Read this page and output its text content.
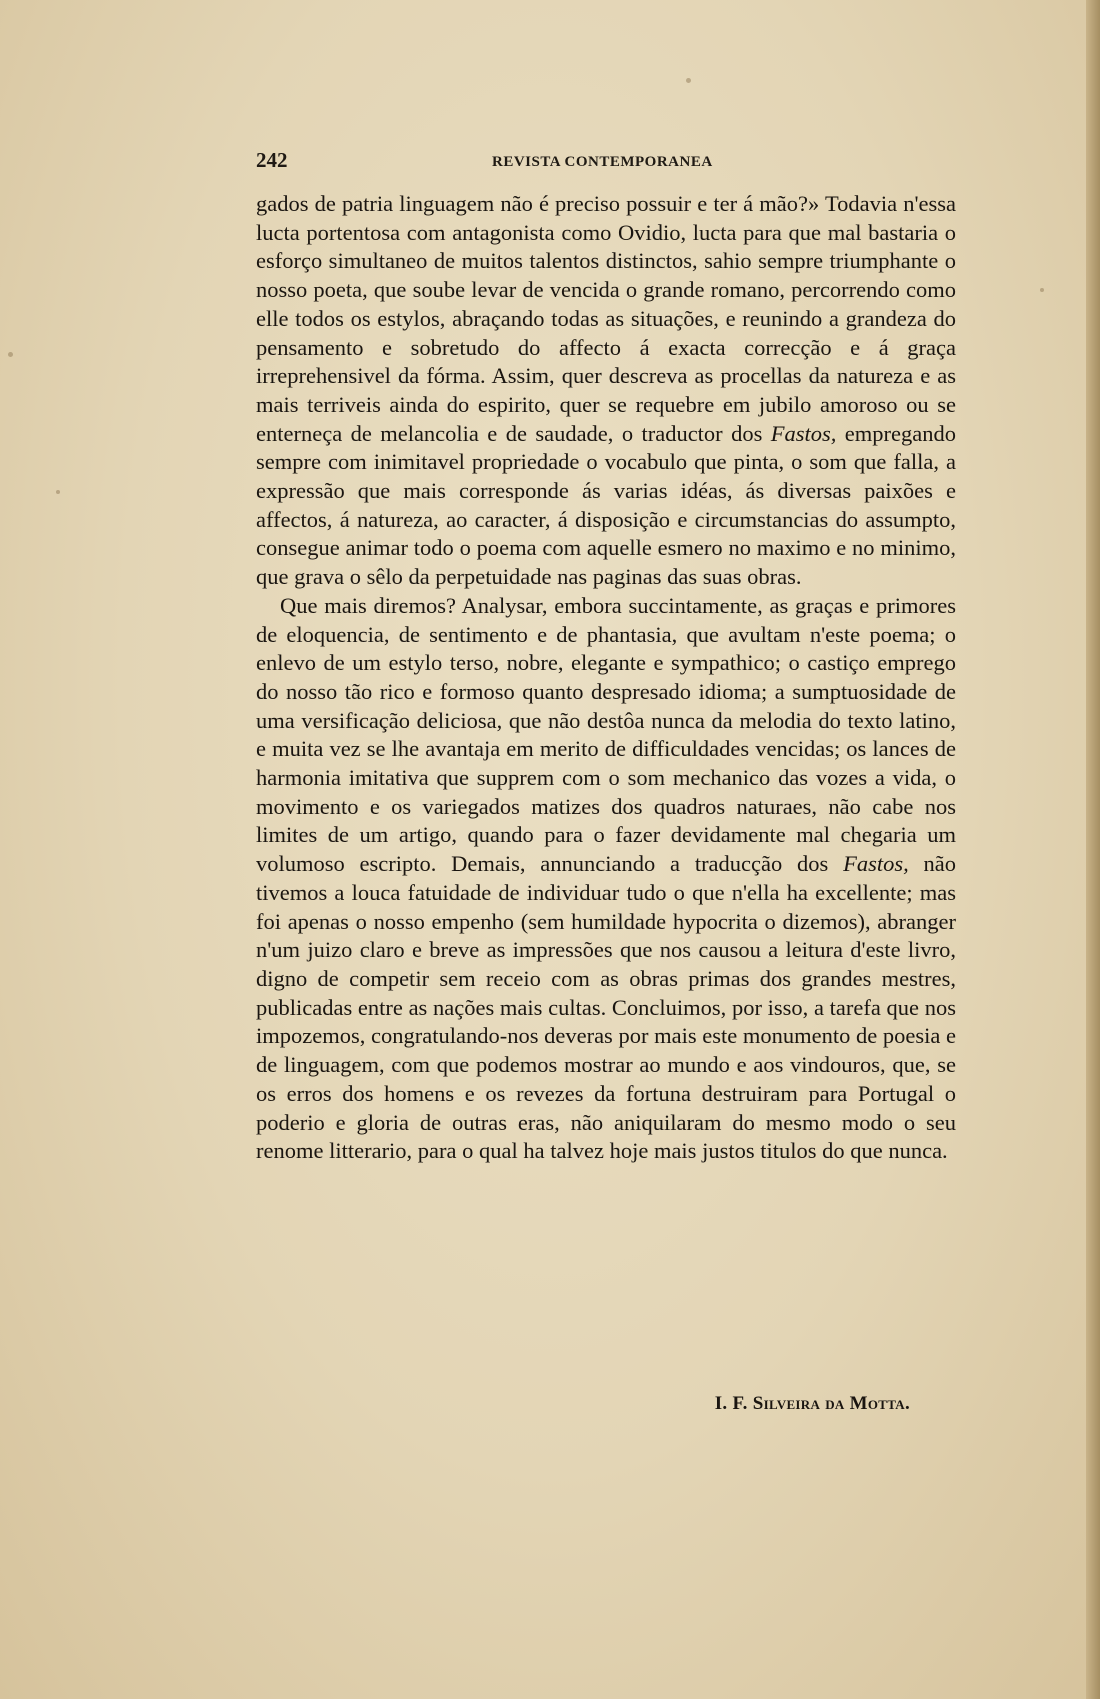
242	REVISTA CONTEMPORANEA

gados de patria linguagem não é preciso possuir e ter á mão?» Todavia n'essa lucta portentosa com antagonista como Ovidio, lucta para que mal bastaria o esforço simultaneo de muitos talentos distinctos, sahio sempre triumphante o nosso poeta, que soube levar de vencida o grande romano, percorrendo como elle todos os estylos, abraçando todas as situações, e reunindo a grandeza do pensamento e sobretudo do affecto á exacta correcção e á graça irreprehensivel da fórma. Assim, quer descreva as procellas da natureza e as mais terriveis ainda do espirito, quer se requebre em jubilo amoroso ou se enterneça de melancolia e de saudade, o traductor dos Fastos, empregando sempre com inimitavel propriedade o vocabulo que pinta, o som que falla, a expressão que mais corresponde ás varias idéas, ás diversas paixões e affectos, á natureza, ao caracter, á disposição e circumstancias do assumpto, consegue animar todo o poema com aquelle esmero no maximo e no minimo, que grava o sêlo da perpetuidade nas paginas das suas obras.

Que mais diremos? Analysar, embora succintamente, as graças e primores de eloquencia, de sentimento e de phantasia, que avultam n'este poema; o enlevo de um estylo terso, nobre, elegante e sympathico; o castiço emprego do nosso tão rico e formoso quanto despresado idioma; a sumptuosidade de uma versificação deliciosa, que não destôa nunca da melodia do texto latino, e muita vez se lhe avantaja em merito de difficuldades vencidas; os lances de harmonia imitativa que supprem com o som mechanico das vozes a vida, o movimento e os variegados matizes dos quadros naturaes, não cabe nos limites de um artigo, quando para o fazer devidamente mal chegaria um volumoso escripto. Demais, annunciando a traducção dos Fastos, não tivemos a louca fatuidade de individuar tudo o que n'ella ha excellente; mas foi apenas o nosso empenho (sem humildade hypocrita o dizemos), abranger n'um juizo claro e breve as impressões que nos causou a leitura d'este livro, digno de competir sem receio com as obras primas dos grandes mestres, publicadas entre as nações mais cultas. Concluimos, por isso, a tarefa que nos impozemos, congratulando-nos deveras por mais este monumento de poesia e de linguagem, com que podemos mostrar ao mundo e aos vindouros, que, se os erros dos homens e os revezes da fortuna destruiram para Portugal o poderio e gloria de outras eras, não aniquilaram do mesmo modo o seu renome litterario, para o qual ha talvez hoje mais justos titulos do que nunca.

I. F. Silveira da Motta.
